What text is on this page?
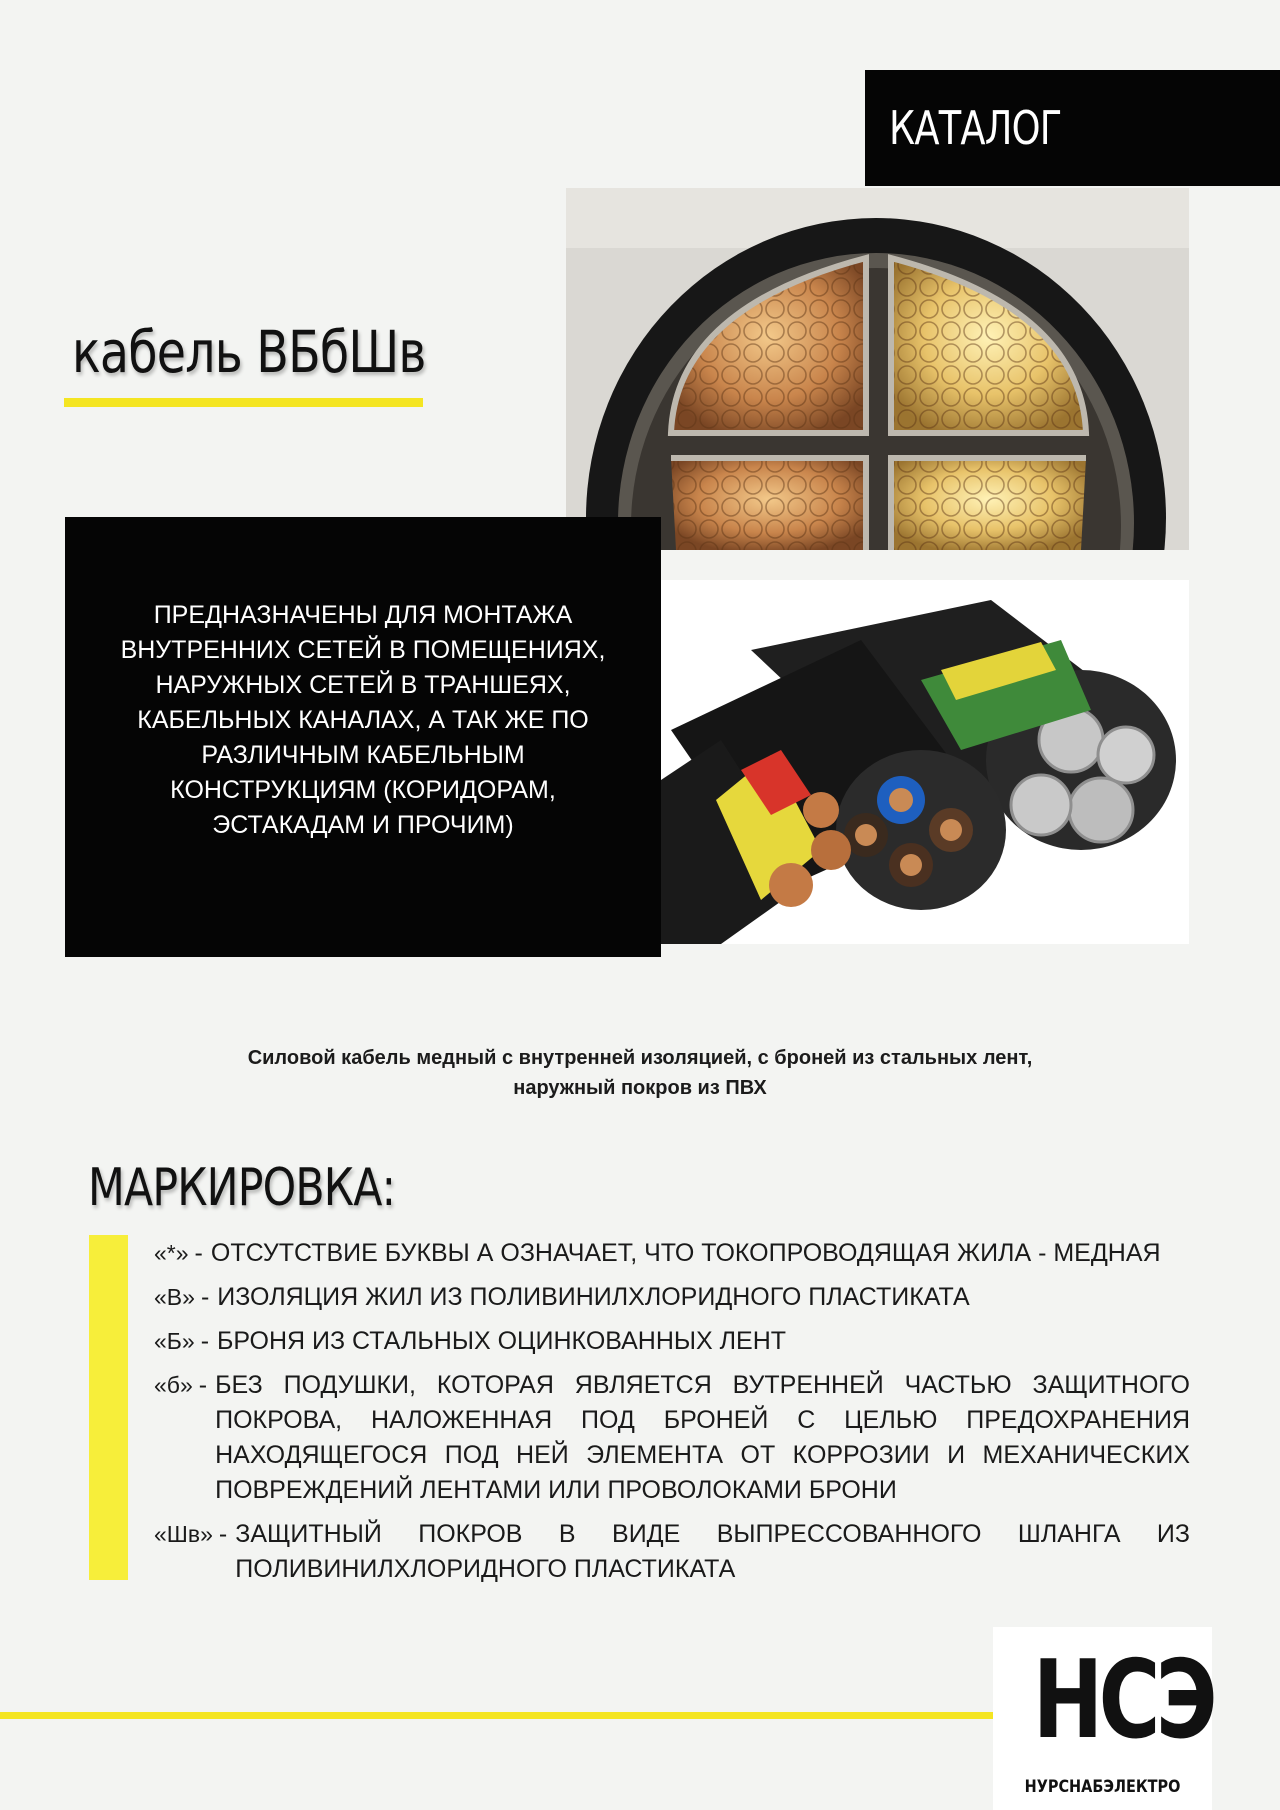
КАТАЛОГ
кабель ВБбШв
ПРЕДНАЗНАЧЕНЫ ДЛЯ МОНТАЖА
ВНУТРЕННИХ СЕТЕЙ В ПОМЕЩЕНИЯХ,
НАРУЖНЫХ СЕТЕЙ В ТРАНШЕЯХ,
КАБЕЛЬНЫХ КАНАЛАХ, А ТАК ЖЕ ПО
РАЗЛИЧНЫМ КАБЕЛЬНЫМ
КОНСТРУКЦИЯМ (КОРИДОРАМ,
ЭСТАКАДАМ И ПРОЧИМ)
Силовой кабель медный с внутренней изоляцией, с броней из стальных лент,
наружный покров из ПВХ
МАРКИРОВКА:
«*» - ОТСУТСТВИЕ БУКВЫ А ОЗНАЧАЕТ, ЧТО ТОКОПРОВОДЯЩАЯ ЖИЛА - МЕДНАЯ
«В» - ИЗОЛЯЦИЯ ЖИЛ ИЗ ПОЛИВИНИЛХЛОРИДНОГО ПЛАСТИКАТА
«Б» - БРОНЯ ИЗ СТАЛЬНЫХ ОЦИНКОВАННЫХ ЛЕНТ
«б» - БЕЗ ПОДУШКИ, КОТОРАЯ ЯВЛЯЕТСЯ ВУТРЕННЕЙ ЧАСТЬЮ ЗАЩИТНОГО ПОКРОВА, НАЛОЖЕННАЯ ПОД БРОНЕЙ С ЦЕЛЬЮ ПРЕДОХРАНЕНИЯ НАХОДЯЩЕГОСЯ ПОД НЕЙ ЭЛЕМЕНТА ОТ КОРРОЗИИ И МЕХАНИЧЕСКИХ ПОВРЕЖДЕНИЙ ЛЕНТАМИ ИЛИ ПРОВОЛОКАМИ БРОНИ
«Шв» - ЗАЩИТНЫЙ ПОКРОВ В ВИДЕ ВЫПРЕССОВАННОГО ШЛАНГА ИЗ ПОЛИВИНИЛХЛОРИДНОГО ПЛАСТИКАТА
НСЭ
НУРСНАБЭЛЕКТРО
